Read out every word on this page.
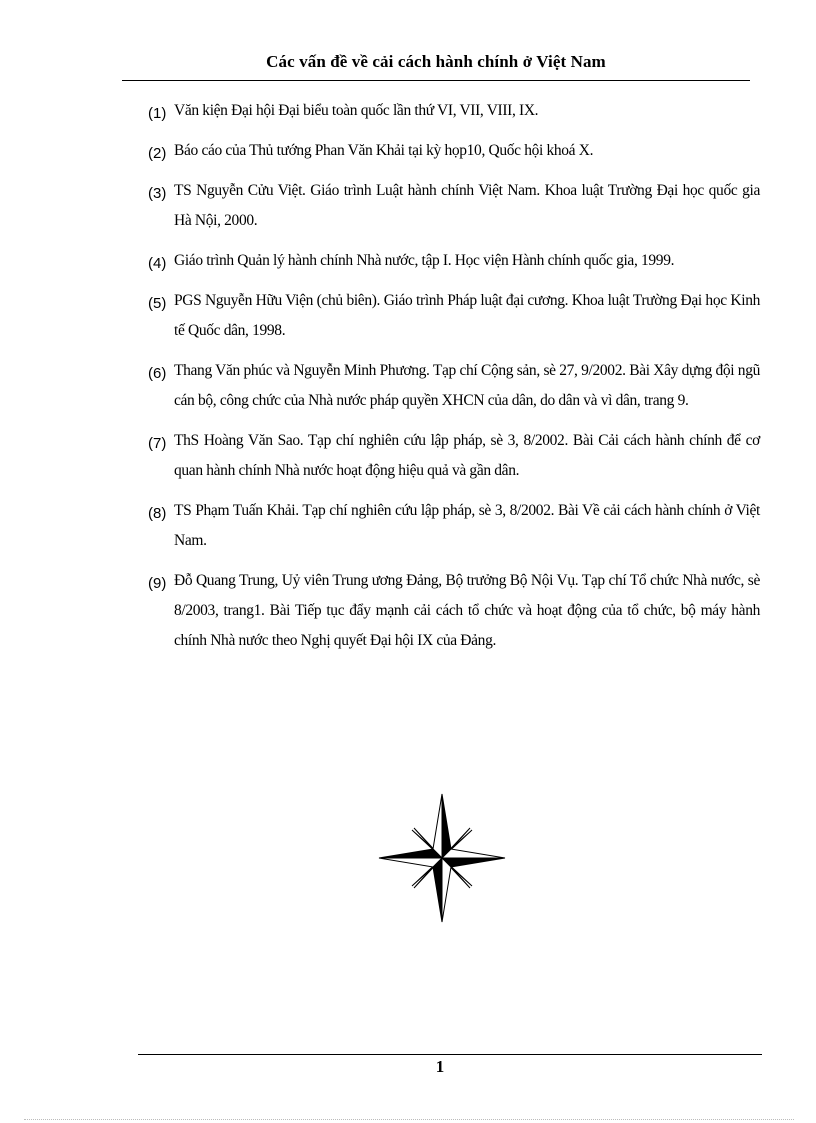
Các vấn đề về cải cách hành chính ở Việt Nam
(1) Văn kiện Đại hội Đại biểu toàn quốc lần thứ VI, VII, VIII, IX.
(2) Báo cáo của Thủ tướng Phan Văn Khải tại kỳ họp10, Quốc hội khoá X.
(3) TS Nguyễn Cửu Việt. Giáo trình Luật hành chính Việt Nam. Khoa luật Trường Đại học quốc gia Hà Nội, 2000.
(4) Giáo trình Quản lý hành chính Nhà nước, tập I. Học viện Hành chính quốc gia, 1999.
(5) PGS Nguyễn Hữu Viện (chủ biên). Giáo trình Pháp luật đại cương. Khoa luật Trường Đại học Kinh tế Quốc dân, 1998.
(6) Thang Văn phúc và Nguyễn Minh Phương. Tạp chí Cộng sản, sè 27, 9/2002. Bài Xây dựng đội ngũ cán bộ, công chức của Nhà nước pháp quyền XHCN của dân, do dân và vì dân, trang 9.
(7) ThS Hoàng Văn Sao. Tạp chí nghiên cứu lập pháp, sè 3, 8/2002. Bài Cải cách hành chính để cơ quan hành chính Nhà nước hoạt động hiệu quả và gần dân.
(8) TS Phạm Tuấn Khải. Tạp chí nghiên cứu lập pháp, sè 3, 8/2002. Bài Về cải cách hành chính ở Việt Nam.
(9) Đỗ Quang Trung, Uỷ viên Trung ương Đảng, Bộ trưởng Bộ Nội Vụ. Tạp chí Tổ chức Nhà nước, sè 8/2003, trang1. Bài Tiếp tục đẩy mạnh cải cách tổ chức và hoạt động của tổ chức, bộ máy hành chính Nhà nước theo Nghị quyết Đại hội IX của Đảng.
1
